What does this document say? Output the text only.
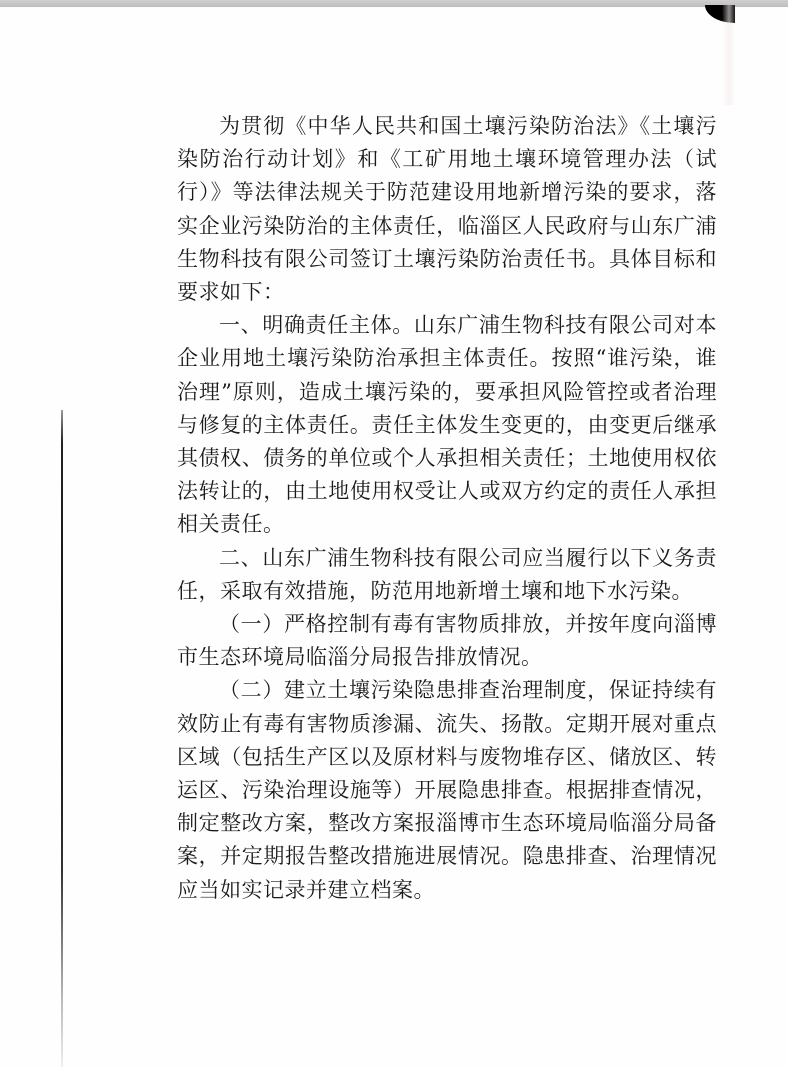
为贯彻《中华人民共和国土壤污染防治法》《土壤污染防治行动计划》和《工矿用地土壤环境管理办法（试行）》等法律法规关于防范建设用地新增污染的要求，落实企业污染防治的主体责任，临淄区人民政府与山东广浦生物科技有限公司签订土壤污染防治责任书。具体目标和要求如下：

一、明确责任主体。山东广浦生物科技有限公司对本企业用地土壤污染防治承担主体责任。按照“谁污染，谁治理”原则，造成土壤污染的，要承担风险管控或者治理与修复的主体责任。责任主体发生变更的，由变更后继承其债权、债务的单位或个人承担相关责任；土地使用权依法转让的，由土地使用权受让人或双方约定的责任人承担相关责任。

二、山东广浦生物科技有限公司应当履行以下义务责任，采取有效措施，防范用地新增土壤和地下水污染。

（一）严格控制有毒有害物质排放，并按年度向淄博市生态环境局临淄分局报告排放情况。

（二）建立土壤污染隐患排查治理制度，保证持续有效防止有毒有害物质渗漏、流失、扬散。定期开展对重点区域（包括生产区以及原材料与废物堆存区、储放区、转运区、污染治理设施等）开展隐患排查。根据排查情况，制定整改方案，整改方案报淄博市生态环境局临淄分局备案，并定期报告整改措施进展情况。隐患排查、治理情况应当如实记录并建立档案。
